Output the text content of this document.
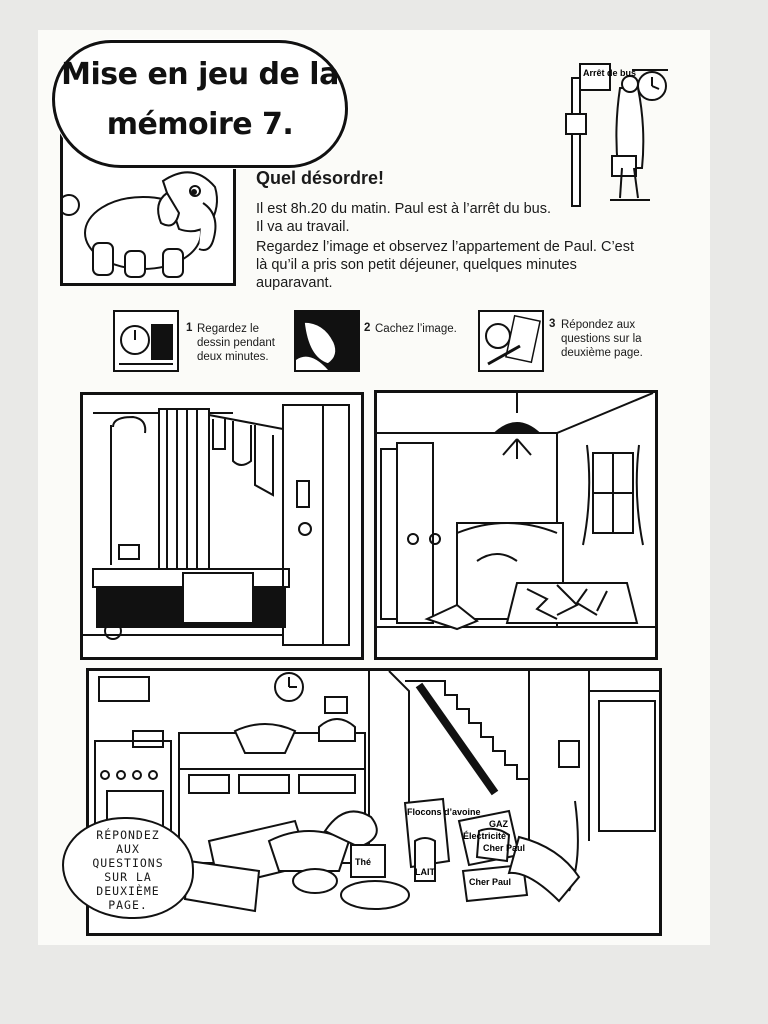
Mise en jeu de la
mémoire 7.
Arrêt de bus
Quel désordre!

Il est 8h.20 du matin. Paul est à l’arrêt du bus. Il va au travail.

Regardez l’image et observez l’appartement de Paul. C’est là qu’il a pris son petit déjeuner, quelques minutes auparavant.

1 Regardez le dessin pendant deux minutes.
2 Cachez l’image.	3 Répondez aux questions sur la deuxième page.
Flocons d’avoine
Thé
LAIT
GAZ
Électricité
Cher Paul
Cher Paul
RÉPONDEZ
AUX
QUESTIONS
SUR LA
DEUXIÈME
PAGE.
